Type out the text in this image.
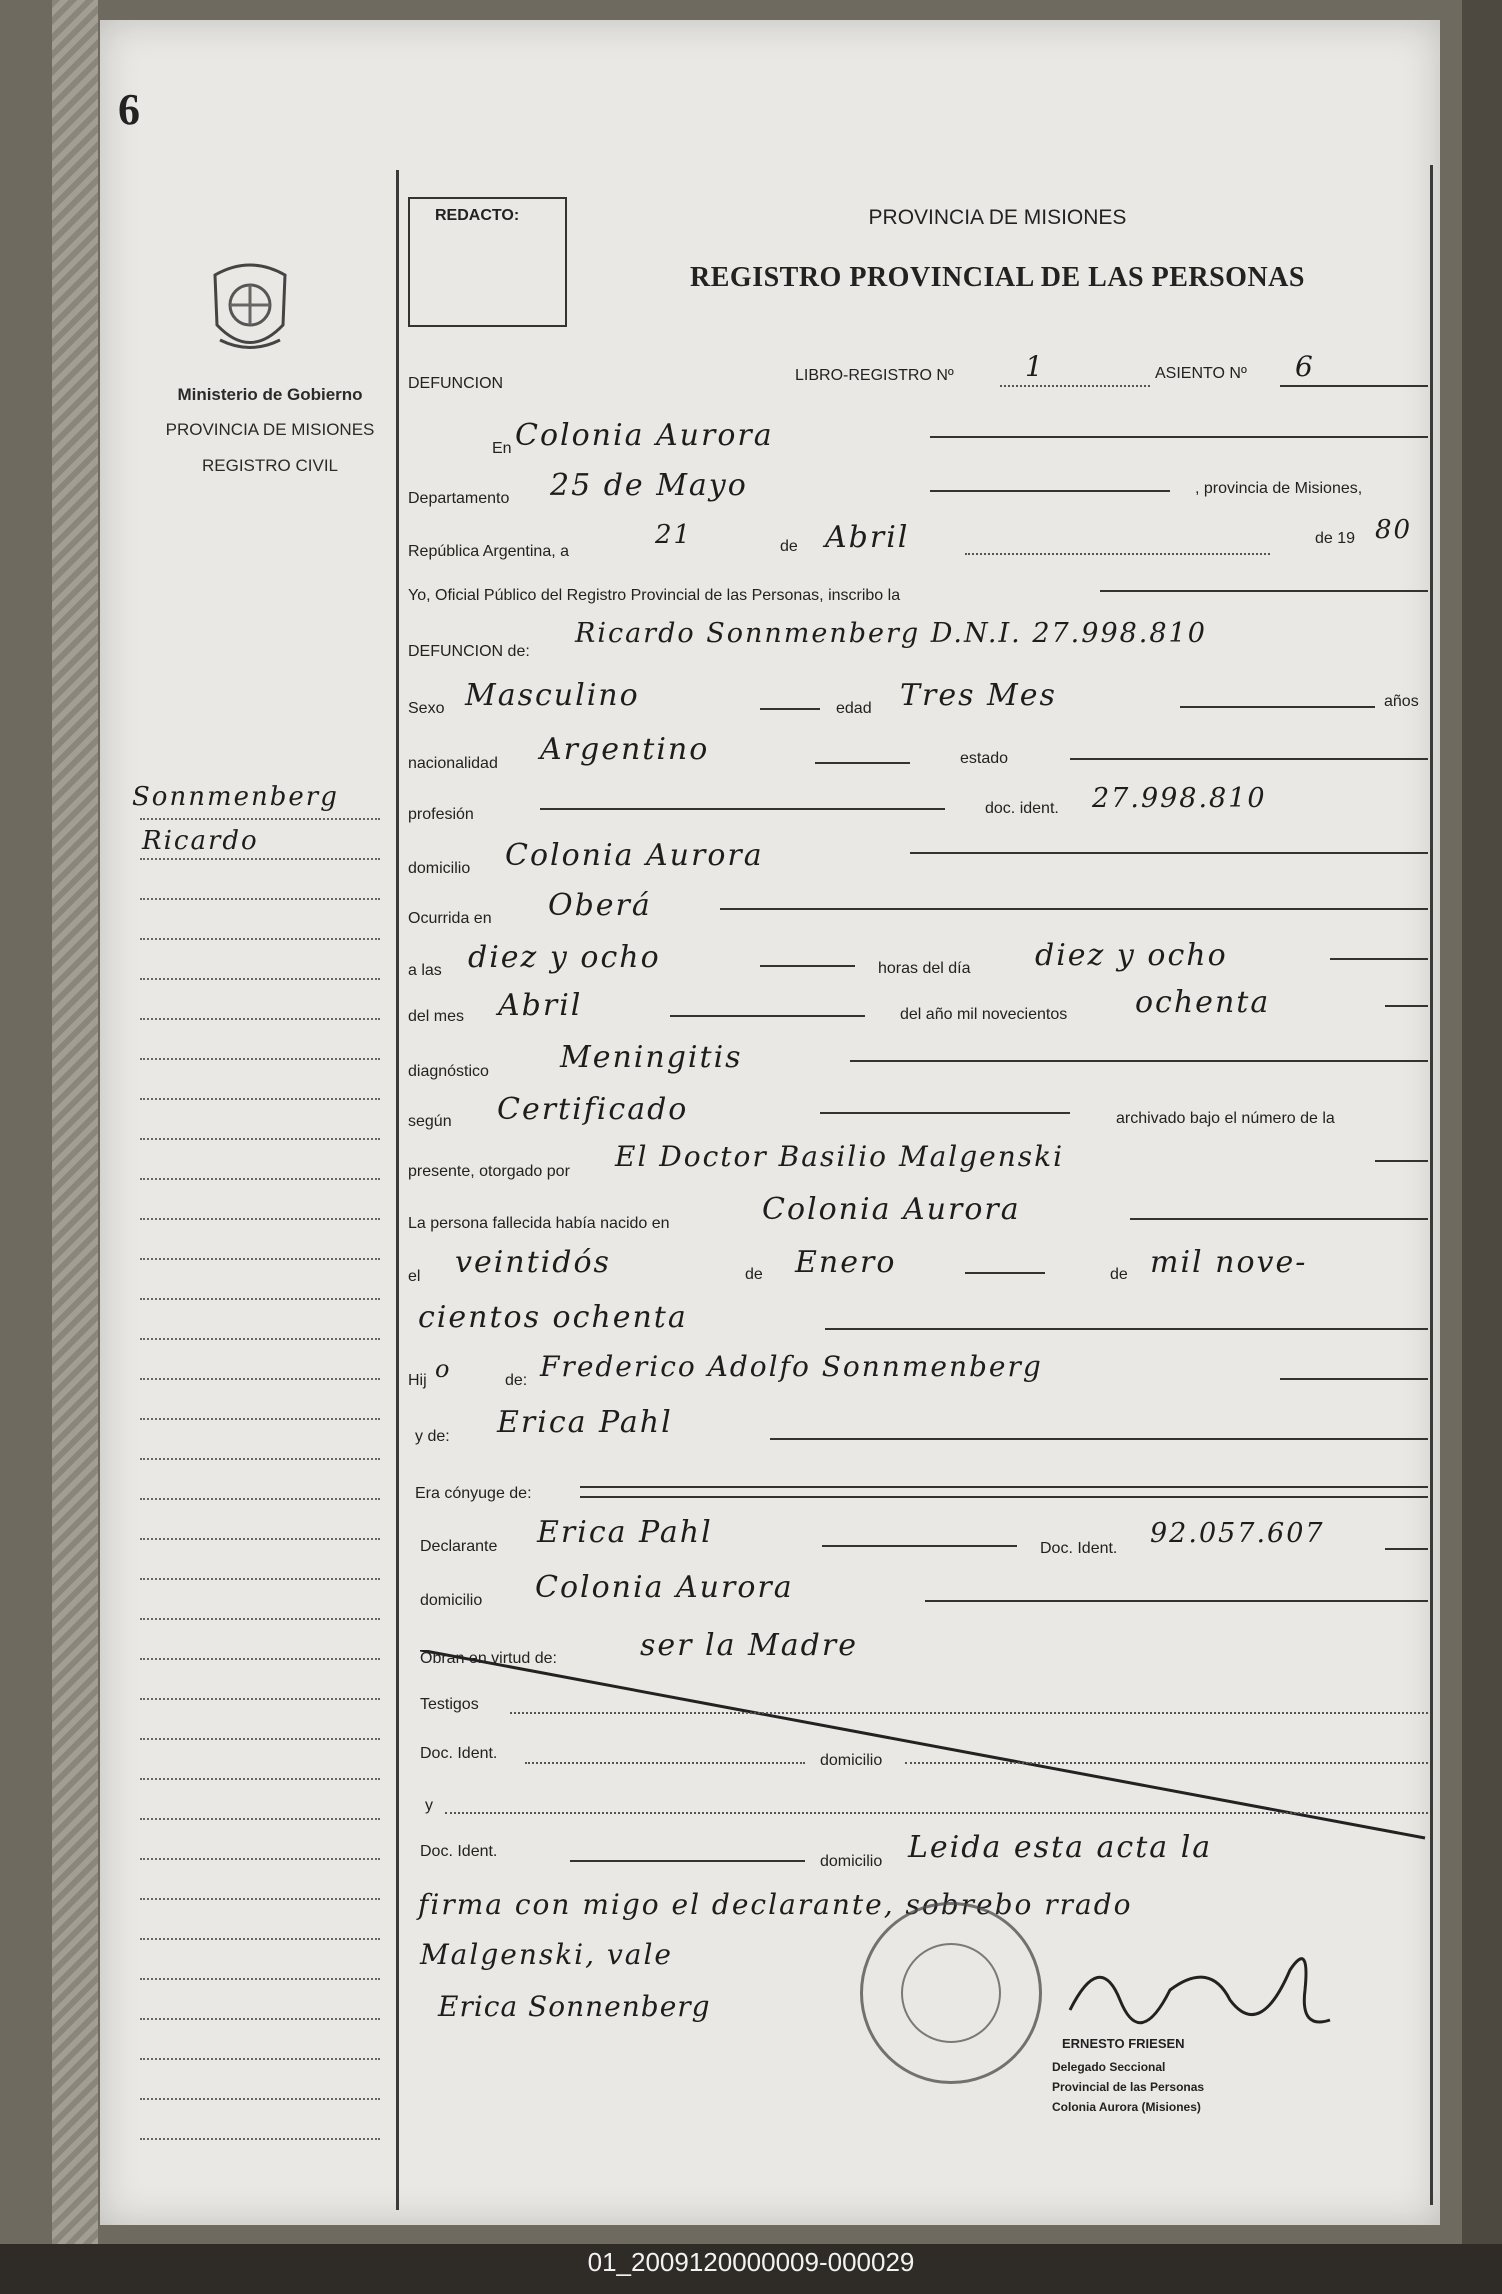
6
Ministerio de Gobierno
PROVINCIA DE MISIONES
REGISTRO CIVIL
Sonnmenberg
Ricardo
REDACTO:	PROVINCIA DE MISIONES
REGISTRO PROVINCIAL DE LAS PERSONAS
DEFUNCION	LIBRO-REGISTRO Nº	1	ASIENTO Nº 6
En Colonia Aurora
Departamento 25 de Mayo	, provincia de Misiones,
República Argentina, a
21	de Abril	de 19 80
Yo, Oficial Público del Registro Provincial de las Personas, inscribo la
DEFUNCION de:
Ricardo Sonnmenberg D.N.I. 27.998.810
Sexo Masculino	edad Tres Mes	años
nacionalidad Argentino	estado
profesión	doc. ident. 27.998.810
domicilio Colonia Aurora
Ocurrida en Oberá
a las diez y ocho	horas del día diez y ocho
del mes Abril	del año mil novecientos ochenta
diagnóstico Meningitis
según Certificado	archivado bajo el número de la
presente, otorgado por El Doctor Basilio Malgenski
La persona fallecida había nacido en	Colonia Aurora
el veintidós	de Enero	de mil nove-
cientos ochenta
Hij o	de: Frederico Adolfo Sonnmenberg
y de: Erica Pahl
Era cónyuge de:
Declarante Erica Pahl	Doc. Ident. 92.057.607
domicilio Colonia Aurora
Obran en virtud de:	ser la Madre
Testigos
Doc. Ident.	domicilio
y
Doc. Ident.
domicilio Leida esta acta la
firma con migo el declarante, sobrebo rrado
Malgenski, vale
Erica Sonnenberg
ERNESTO FRIESEN
Delegado Seccional
Provincial de las Personas
Colonia Aurora (Misiones)
01_2009120000009-000029
